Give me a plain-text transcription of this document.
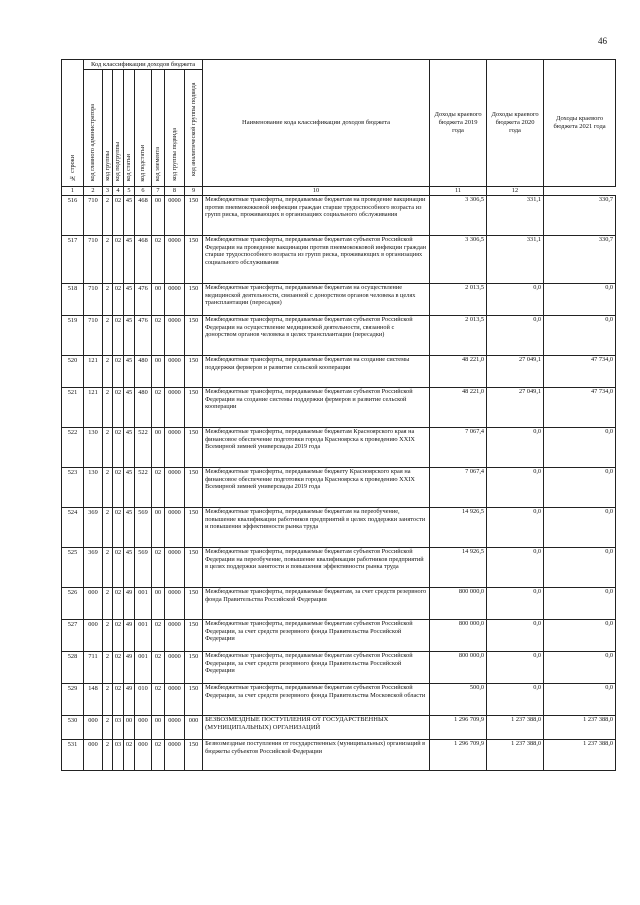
46
№ строки	Код классификации доходов бюджета								Наименование кода классификации доходов бюджета	Доходы краевого бюджета 2019 года	Доходы краевого бюджета 2020 года	Доходы краевого бюджета 2021 года
	код главного администратора	код группы	код подгруппы	код статьи	код подстатьи	код элемента	код группы подвида	код аналитической группы подвида				
1	2	3	4	5	6	7	8	9	10	11	12	
516	710	2	02	45	468	00	0000	150	Межбюджетные трансферты, передаваемые бюджетам на проведение вакцинации против пневмококковой инфекции граждан старше трудоспособного возраста из групп риска, проживающих в организациях социального обслуживания	3 306,5	331,1	330,7
517	710	2	02	45	468	02	0000	150	Межбюджетные трансферты, передаваемые бюджетам субъектов Российской Федерации на проведение вакцинации против пневмококковой инфекции граждан старше трудоспособного возраста из групп риска, проживающих в организациях социального обслуживания	3 306,5	331,1	330,7
518	710	2	02	45	476	00	0000	150	Межбюджетные трансферты, передаваемые бюджетам на осуществление медицинской деятельности, связанной с донорством органов человека в целях трансплантации (пересадки)	2 013,5	0,0	0,0
519	710	2	02	45	476	02	0000	150	Межбюджетные трансферты, передаваемые бюджетам субъектов Российской Федерации на осуществление медицинской деятельности, связанной с донорством органов человека в целях трансплантации (пересадки)	2 013,5	0,0	0,0
520	121	2	02	45	480	00	0000	150	Межбюджетные трансферты, передаваемые бюджетам на создание системы поддержки фермеров и развитие сельской кооперации	48 221,0	27 049,1	47 734,0
521	121	2	02	45	480	02	0000	150	Межбюджетные трансферты, передаваемые бюджетам субъектов Российской Федерации на создание системы поддержки фермеров и развитие сельской кооперации	48 221,0	27 049,1	47 734,0
522	130	2	02	45	522	00	0000	150	Межбюджетные трансферты, передаваемые бюджетам Красноярского края на финансовое обеспечение подготовки города Красноярска к проведению XXIX Всемирной зимней универсиады 2019 года	7 067,4	0,0	0,0
523	130	2	02	45	522	02	0000	150	Межбюджетные трансферты, передаваемые бюджету Красноярского края на финансовое обеспечение подготовки города Красноярска к проведению XXIX Всемирной зимней универсиады 2019 года	7 067,4	0,0	0,0
524	369	2	02	45	569	00	0000	150	Межбюджетные трансферты, передаваемые бюджетам на переобучение, повышение квалификации работников предприятий в целях поддержки занятости и повышения эффективности рынка труда	14 926,5	0,0	0,0
525	369	2	02	45	569	02	0000	150	Межбюджетные трансферты, передаваемые бюджетам субъектов Российской Федерации на переобучение, повышение квалификации работников предприятий в целях поддержки занятости и повышения эффективности рынка труда	14 926,5	0,0	0,0
526	000	2	02	49	001	00	0000	150	Межбюджетные трансферты, передаваемые бюджетам, за счет средств резервного фонда Правительства Российской Федерации	800 000,0	0,0	0,0
527	000	2	02	49	001	02	0000	150	Межбюджетные трансферты, передаваемые бюджетам субъектов Российской Федерации, за счет средств резервного фонда Правительства Российской Федерации	800 000,0	0,0	0,0
528	711	2	02	49	001	02	0000	150	Межбюджетные трансферты, передаваемые бюджетам субъектов Российской Федерации, за счет средств резервного фонда Правительства Российской Федерации	800 000,0	0,0	0,0
529	148	2	02	49	010	02	0000	150	Межбюджетные трансферты, передаваемые бюджетам субъектов Российской Федерации, за счет средств резервного фонда Правительства Московской области	500,0	0,0	0,0
530	000	2	03	00	000	00	0000	000	БЕЗВОЗМЕЗДНЫЕ ПОСТУПЛЕНИЯ ОТ ГОСУДАРСТВЕННЫХ (МУНИЦИПАЛЬНЫХ) ОРГАНИЗАЦИЙ	1 296 709,9	1 237 388,0	1 237 388,0
531	000	2	03	02	000	02	0000	150	Безвозмездные поступления от государственных (муниципальных) организаций в бюджеты субъектов Российской Федерации	1 296 709,9	1 237 388,0	1 237 388,0
